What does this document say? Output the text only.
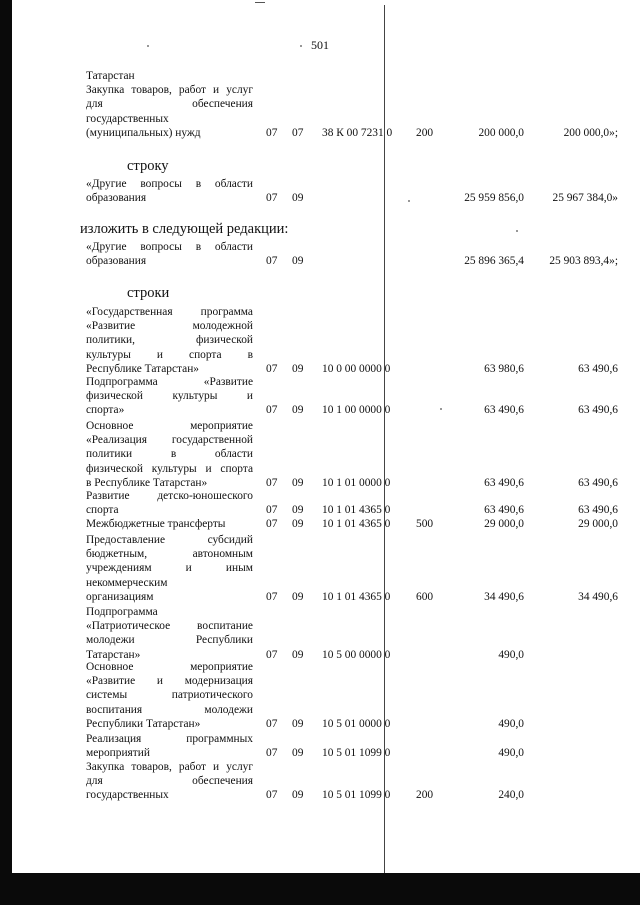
501
строку
изложить в следующей редакции:
строки
Татарстан
Закупка товаров, работ и услуг
для обеспечения
государственных
(муниципальных) нужд	07 07 38 К 00 7231 0 200	200 000,0	200 000,0»;
«Другие вопросы в области
образования	07 09	25 959 856,0	25 967 384,0»
«Другие вопросы в области
образования	07 09	25 896 365,4	25 903 893,4»;
«Государственная программа
«Развитие молодежной
политики, физической
культуры и спорта в
Республике Татарстан»	07 09 10 0 00 0000 0	63 980,6	63 490,6
Подпрограмма «Развитие
физической культуры и
спорта»	07 09 10 1 00 0000 0	63 490,6	63 490,6
Основное мероприятие
«Реализация государственной
политики в области
физической культуры и спорта
в Республике Татарстан»	07 09 10 1 01 0000 0	63 490,6	63 490,6
Развитие детско-юношеского
спорта	07 09 10 1 01 4365 0	63 490,6	63 490,6
Межбюджетные трансферты	07 09 10 1 01 4365 0 500	29 000,0	29 000,0
Предоставление субсидий
бюджетным, автономным
учреждениям и иным
некоммерческим
организациям	07 09 10 1 01 4365 0 600	34 490,6	34 490,6
Подпрограмма
«Патриотическое воспитание
молодежи Республики
Татарстан»	07 09 10 5 00 0000 0	490,0
Основное мероприятие
«Развитие и модернизация
системы патриотического
воспитания молодежи
Республики Татарстан»	07 09 10 5 01 0000 0	490,0
Реализация программных
мероприятий	07 09 10 5 01 1099 0	490,0
Закупка товаров, работ и услуг
для обеспечения
государственных	07 09 10 5 01 1099 0 200	240,0
